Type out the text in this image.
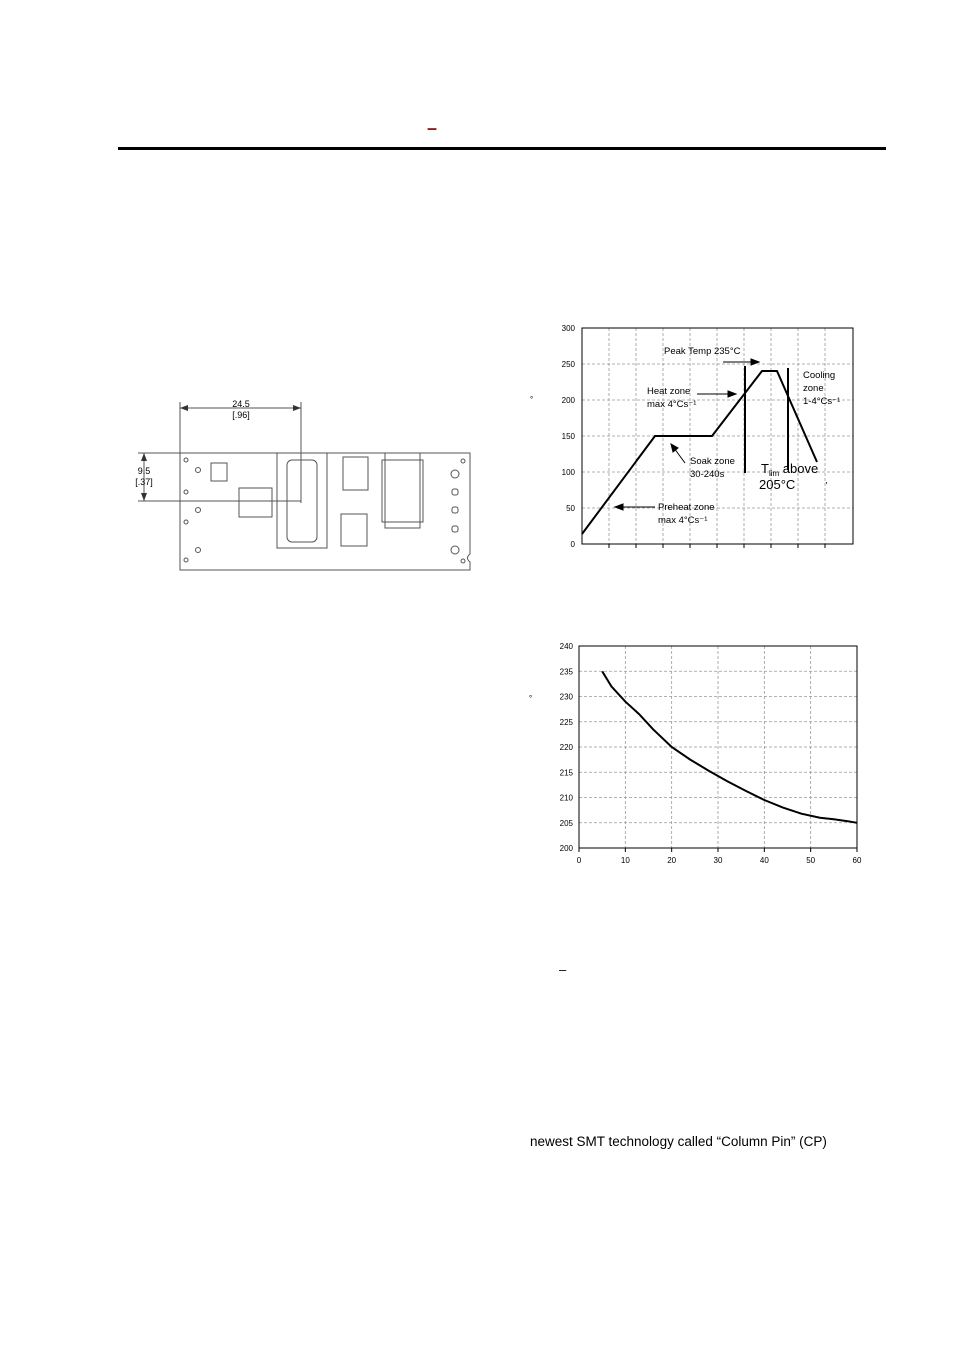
–
24.5
[.96]
9.5
[.37]
300
250
200
150
100
50
0
°
Peak Temp 235°C
Heat zone
max 4°Cs⁻¹
Cooling
zone
1-4°Cs⁻¹
Soak zone
30-240s
Preheat zone
max 4°Cs⁻¹
,
$T_{lim}$ above
205°C
240
235
230
225
220
215
210
205
200
0	10	20	30	40	50	60
°
–
newest SMT technology called “Column Pin” (CP)
